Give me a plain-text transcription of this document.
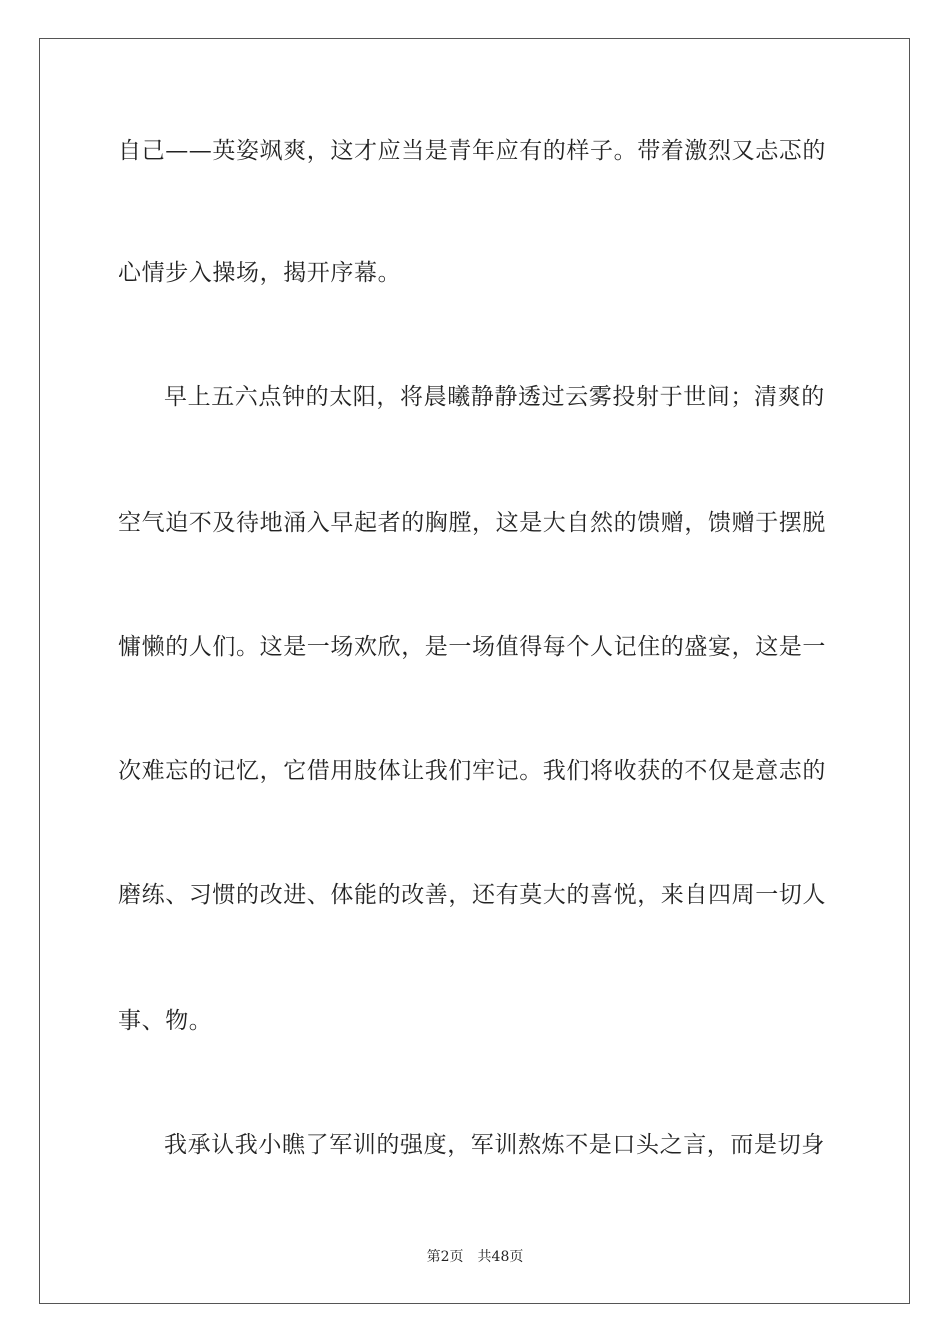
自己——英姿飒爽，这才应当是青年应有的样子。带着激烈又忐忑的
心情步入操场，揭开序幕。
早上五六点钟的太阳，将晨曦静静透过云雾投射于世间；清爽的
空气迫不及待地涌入早起者的胸膛，这是大自然的馈赠，馈赠于摆脱
慵懒的人们。这是一场欢欣，是一场值得每个人记住的盛宴，这是一
次难忘的记忆，它借用肢体让我们牢记。我们将收获的不仅是意志的
磨练、习惯的改进、体能的改善，还有莫大的喜悦，来自四周一切人
事、物。
我承认我小瞧了军训的强度，军训熬炼不是口头之言，而是切身
第2页 共48页
